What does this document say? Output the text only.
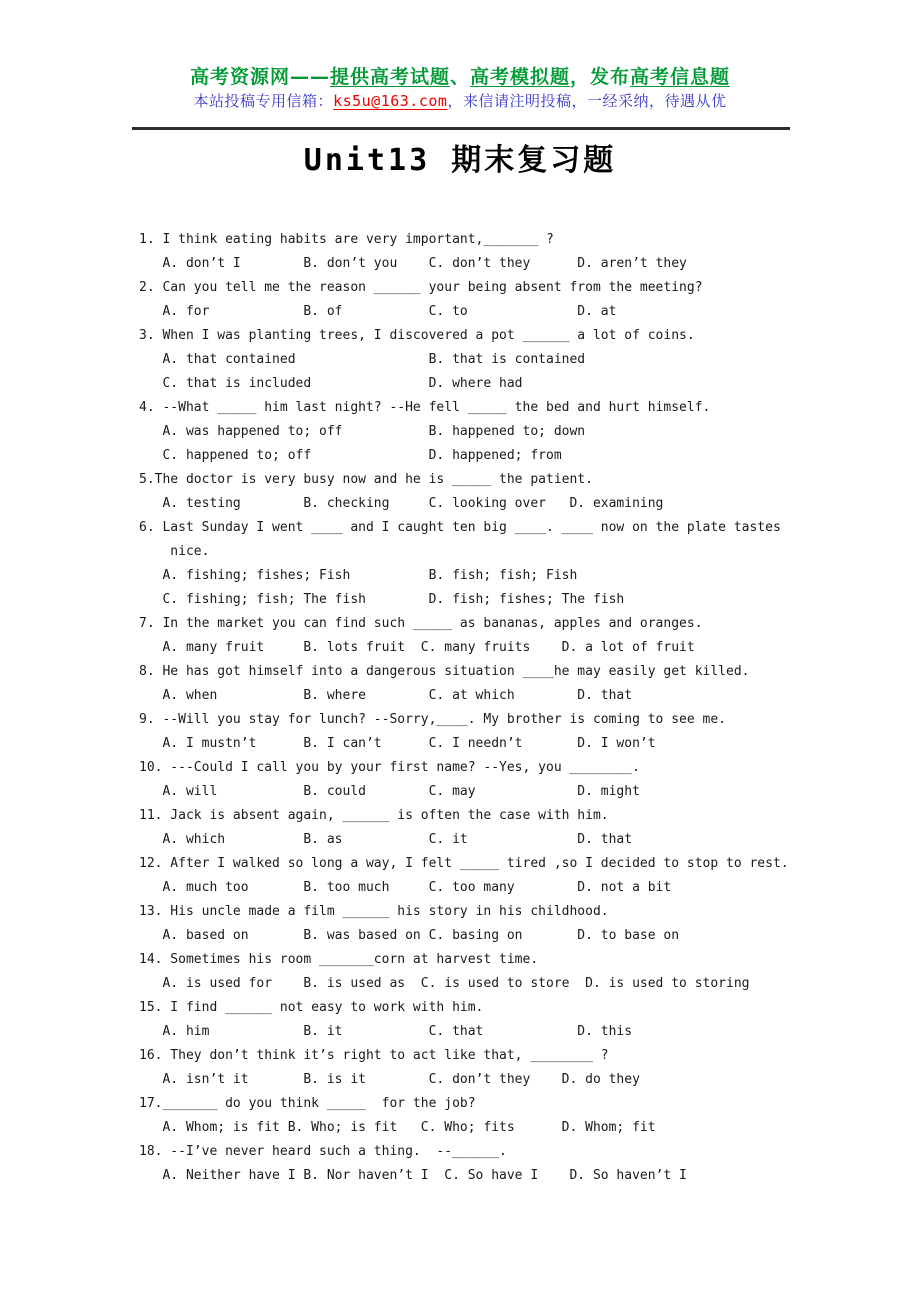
高考资源网——提供高考试题、高考模拟题，发布高考信息题
本站投稿专用信箱：ks5u@163.com，来信请注明投稿，一经采纳，待遇从优
Unit13 期末复习题
1. I think eating habits are very important,_______ ?
A. don’t I        B. don’t you    C. don’t they      D. aren’t they
2. Can you tell me the reason ______ your being absent from the meeting?
A. for            B. of           C. to              D. at
3. When I was planting trees, I discovered a pot ______ a lot of coins.
A. that contained                 B. that is contained
C. that is included               D. where had
4. --What _____ him last night? --He fell _____ the bed and hurt himself.
A. was happened to; off           B. happened to; down
C. happened to; off               D. happened; from
5.The doctor is very busy now and he is _____ the patient.
A. testing        B. checking     C. looking over   D. examining
6. Last Sunday I went ____ and I caught ten big ____. ____ now on the plate tastes
nice.
A. fishing; fishes; Fish          B. fish; fish; Fish
C. fishing; fish; The fish        D. fish; fishes; The fish
7. In the market you can find such _____ as bananas, apples and oranges.
A. many fruit     B. lots fruit  C. many fruits    D. a lot of fruit
8. He has got himself into a dangerous situation ____he may easily get killed.
A. when           B. where        C. at which        D. that
9. --Will you stay for lunch? --Sorry,____. My brother is coming to see me.
A. I mustn’t      B. I can’t      C. I needn’t       D. I won’t
10. ---Could I call you by your first name? --Yes, you ________.
A. will           B. could        C. may             D. might
11. Jack is absent again, ______ is often the case with him.
A. which          B. as           C. it              D. that
12. After I walked so long a way, I felt _____ tired ,so I decided to stop to rest.
A. much too       B. too much     C. too many        D. not a bit
13. His uncle made a film ______ his story in his childhood.
A. based on       B. was based on C. basing on       D. to base on
14. Sometimes his room _______corn at harvest time.
A. is used for    B. is used as  C. is used to store  D. is used to storing
15. I find ______ not easy to work with him.
A. him            B. it           C. that            D. this
16. They don’t think it’s right to act like that, ________ ?
A. isn’t it       B. is it        C. don’t they    D. do they
17._______ do you think _____  for the job?
A. Whom; is fit B. Who; is fit   C. Who; fits      D. Whom; fit
18. --I’ve never heard such a thing.  --______.
A. Neither have I B. Nor haven’t I  C. So have I    D. So haven’t I
